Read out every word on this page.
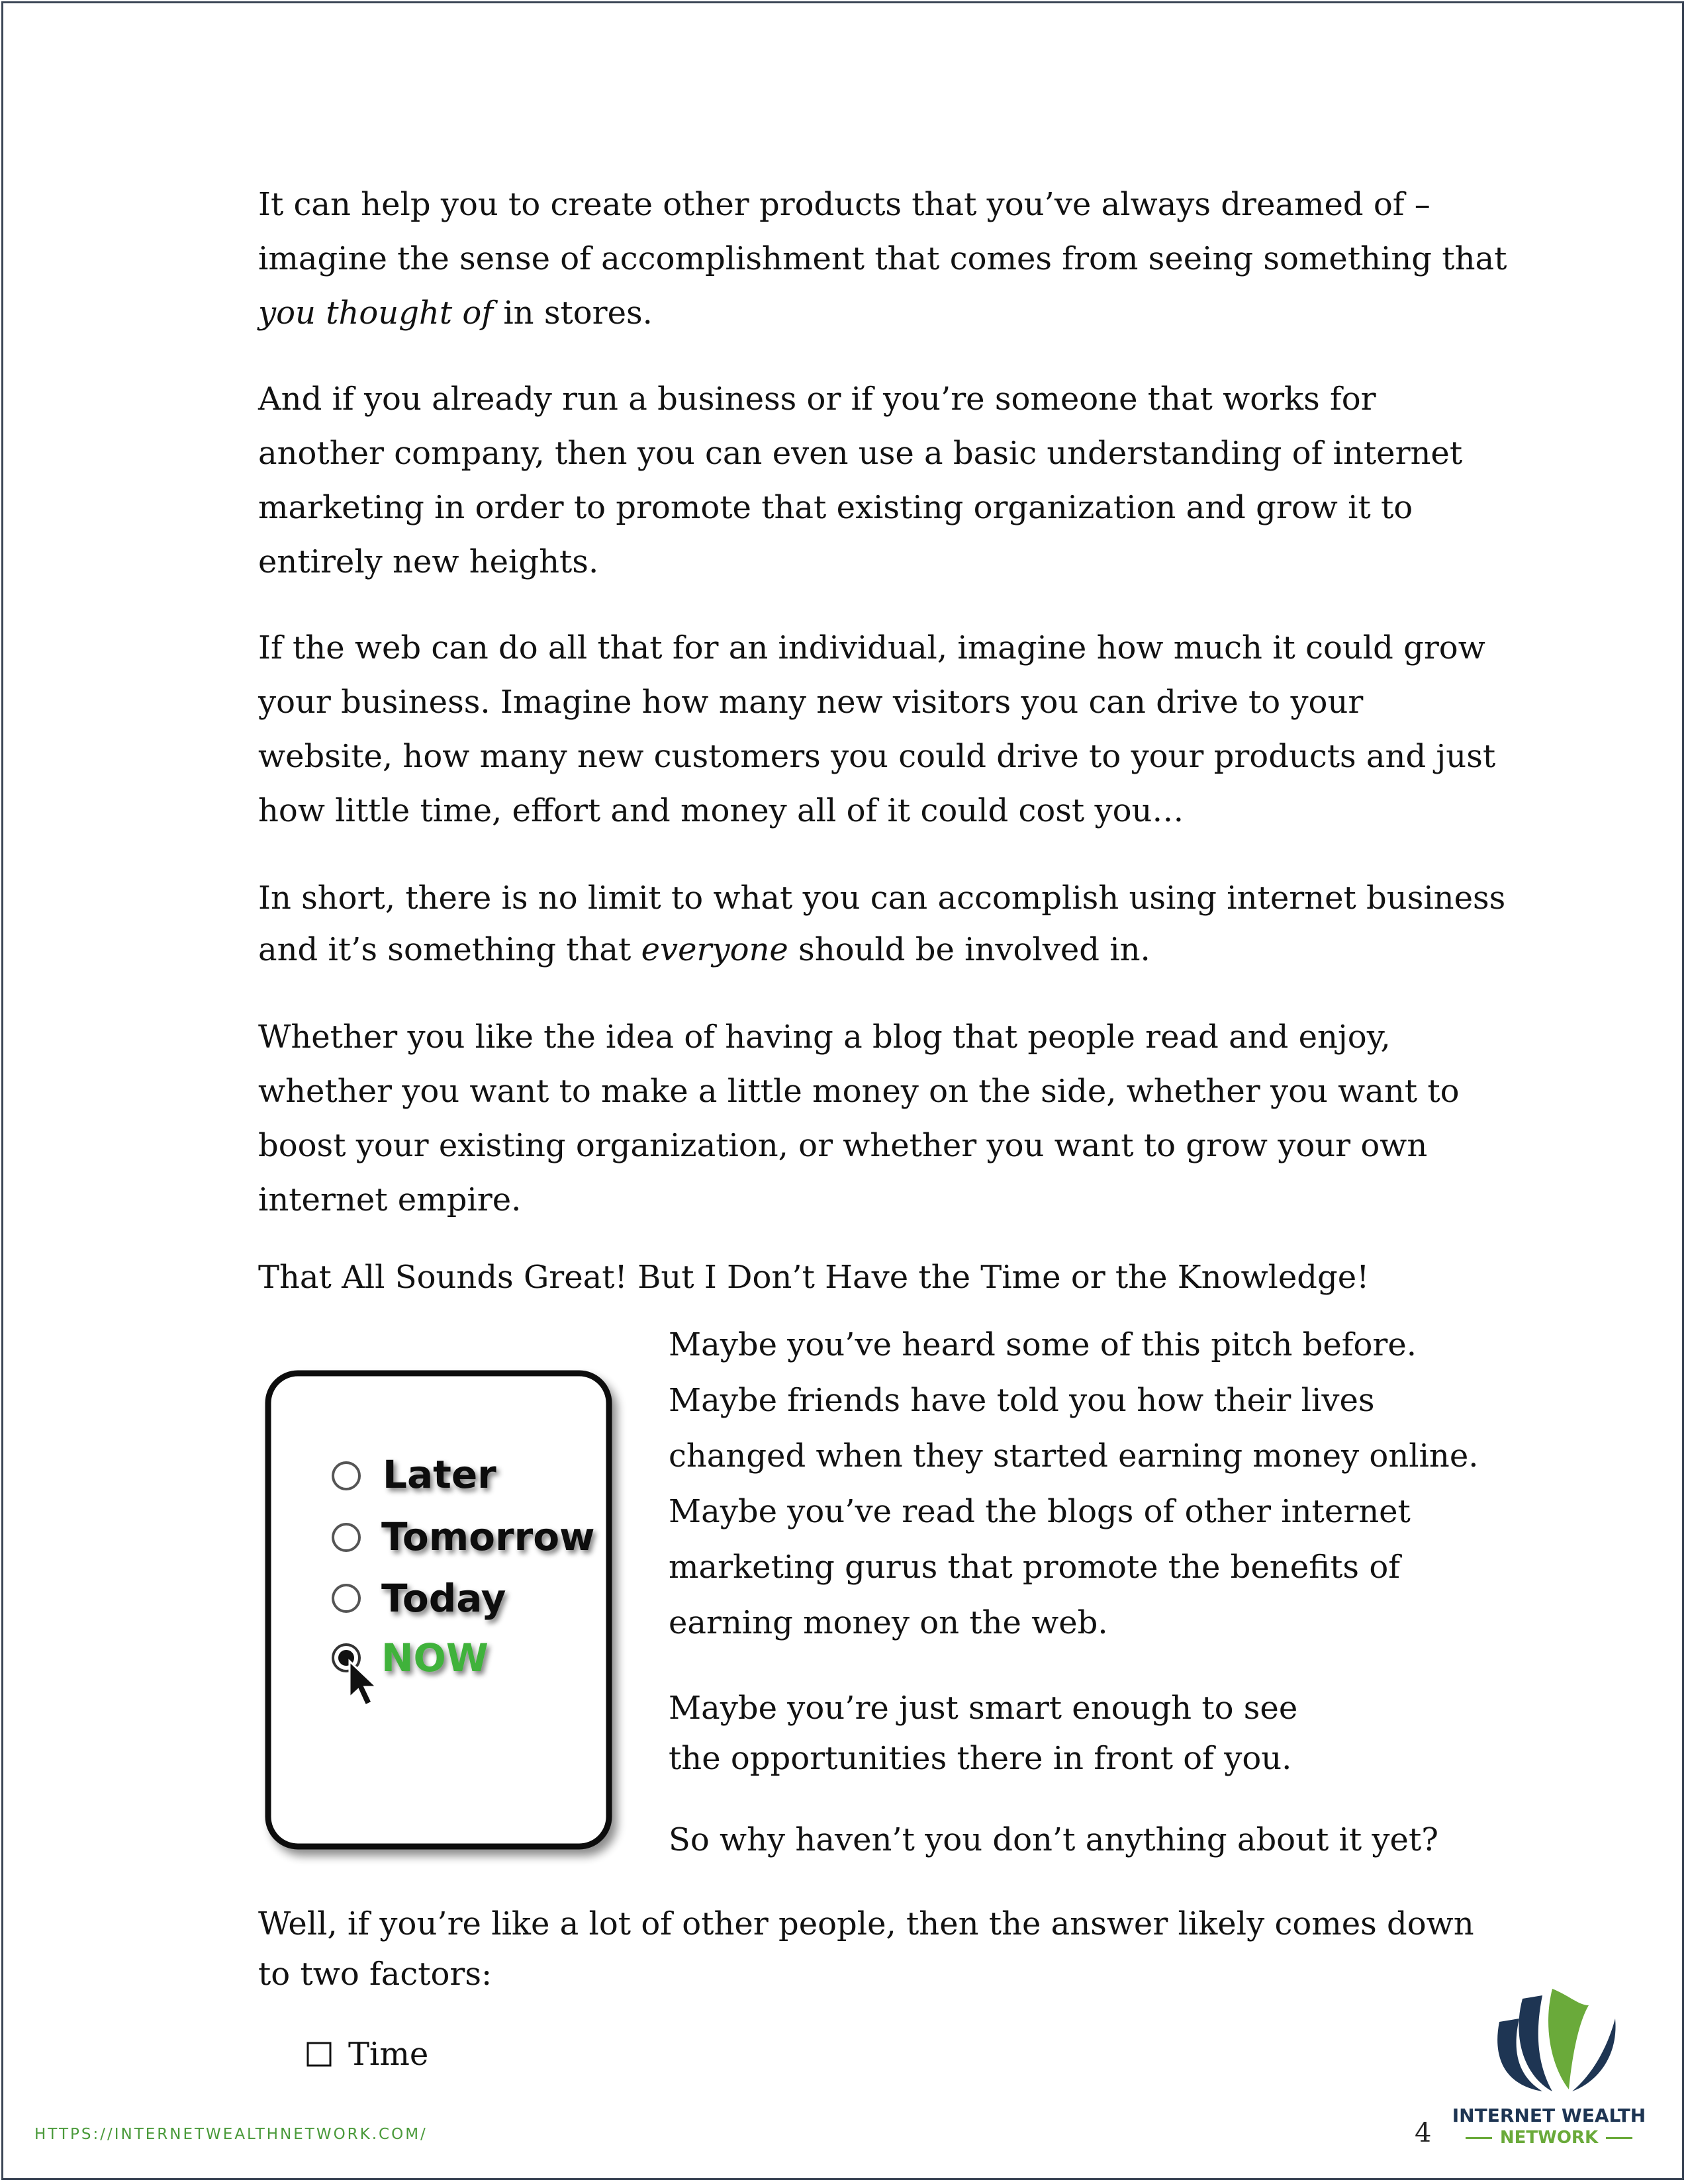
It can help you to create other products that you’ve always dreamed of –
imagine the sense of accomplishment that comes from seeing something that
you thought of in stores.
And if you already run a business or if you’re someone that works for
another company, then you can even use a basic understanding of internet
marketing in order to promote that existing organization and grow it to
entirely new heights.
If the web can do all that for an individual, imagine how much it could grow
your business. Imagine how many new visitors you can drive to your
website, how many new customers you could drive to your products and just
how little time, effort and money all of it could cost you…
In short, there is no limit to what you can accomplish using internet business
and it’s something that everyone should be involved in.
Whether you like the idea of having a blog that people read and enjoy,
whether you want to make a little money on the side, whether you want to
boost your existing organization, or whether you want to grow your own
internet empire.
That All Sounds Great! But I Don’t Have the Time or the Knowledge!
Maybe you’ve heard some of this pitch before.
Maybe friends have told you how their lives
changed when they started earning money online.
Maybe you’ve read the blogs of other internet
marketing gurus that promote the benefits of
earning money on the web.
Maybe you’re just smart enough to see
the opportunities there in front of you.
So why haven’t you don’t anything about it yet?
Later
Tomorrow
Today
NOW
Well, if you’re like a lot of other people, then the answer likely comes down
to two factors:
Time
HTTPS://INTERNETWEALTHNETWORK.COM/	4
INTERNET WEALTH
NETWORK
